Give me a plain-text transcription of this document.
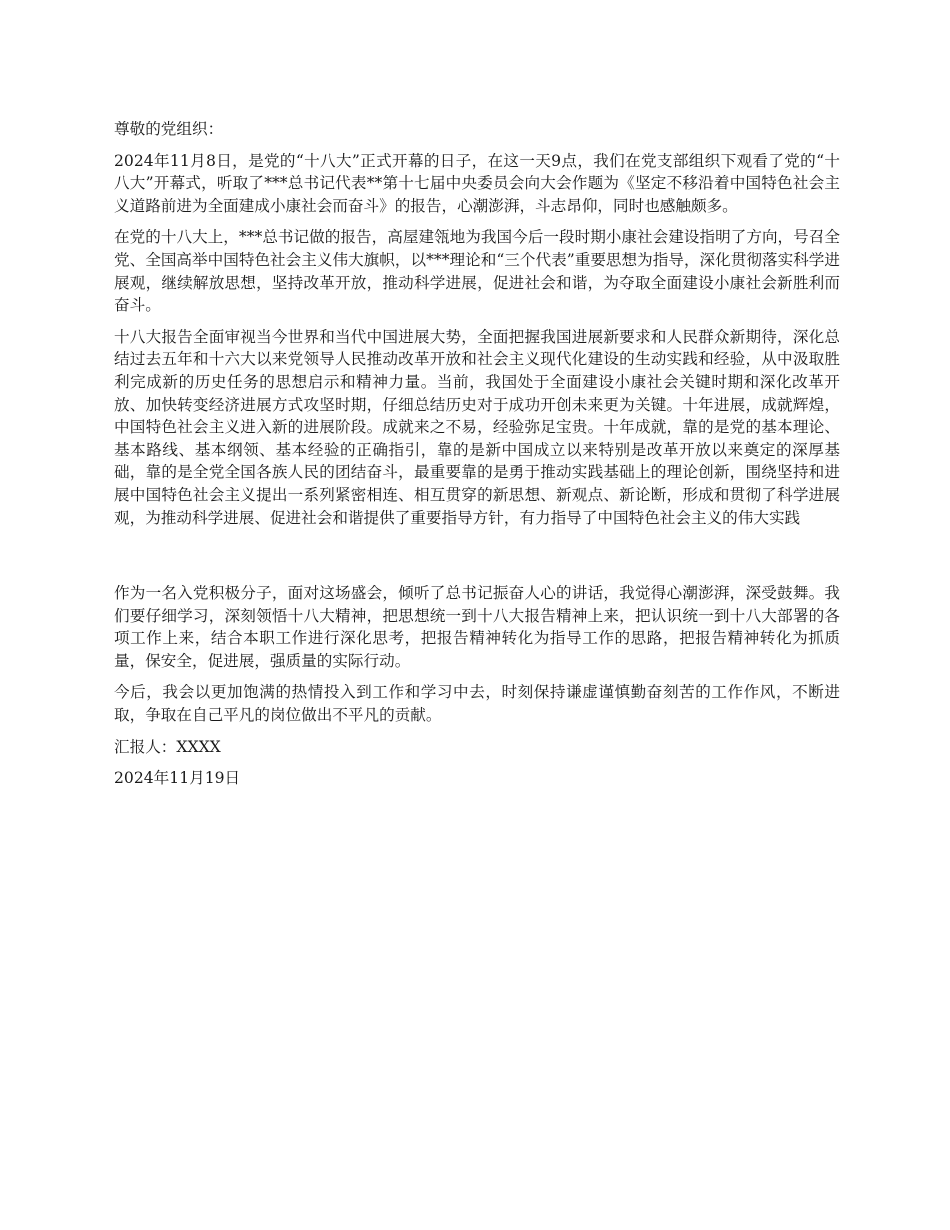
尊敬的党组织：

2024年11月8日，是党的“十八大”正式开幕的日子，在这一天9点，我们在党支部组织下观看了党的“十八大”开幕式，听取了***总书记代表**第十七届中央委员会向大会作题为《坚定不移沿着中国特色社会主义道路前进为全面建成小康社会而奋斗》的报告，心潮澎湃，斗志昂仰，同时也感触颇多。

在党的十八大上，***总书记做的报告，高屋建瓴地为我国今后一段时期小康社会建设指明了方向，号召全党、全国高举中国特色社会主义伟大旗帜，以***理论和“三个代表”重要思想为指导，深化贯彻落实科学进展观，继续解放思想，坚持改革开放，推动科学进展，促进社会和谐，为夺取全面建设小康社会新胜利而奋斗。

十八大报告全面审视当今世界和当代中国进展大势，全面把握我国进展新要求和人民群众新期待，深化总结过去五年和十六大以来党领导人民推动改革开放和社会主义现代化建设的生动实践和经验，从中汲取胜利完成新的历史任务的思想启示和精神力量。当前，我国处于全面建设小康社会关键时期和深化改革开放、加快转变经济进展方式攻坚时期，仔细总结历史对于成功开创未来更为关键。十年进展，成就辉煌，中国特色社会主义进入新的进展阶段。成就来之不易，经验弥足宝贵。十年成就，靠的是党的基本理论、基本路线、基本纲领、基本经验的正确指引，靠的是新中国成立以来特别是改革开放以来奠定的深厚基础，靠的是全党全国各族人民的团结奋斗，最重要靠的是勇于推动实践基础上的理论创新，围绕坚持和进展中国特色社会主义提出一系列紧密相连、相互贯穿的新思想、新观点、新论断，形成和贯彻了科学进展观，为推动科学进展、促进社会和谐提供了重要指导方针，有力指导了中国特色社会主义的伟大实践

作为一名入党积极分子，面对这场盛会，倾听了总书记振奋人心的讲话，我觉得心潮澎湃，深受鼓舞。我们要仔细学习，深刻领悟十八大精神，把思想统一到十八大报告精神上来，把认识统一到十八大部署的各项工作上来，结合本职工作进行深化思考，把报告精神转化为指导工作的思路，把报告精神转化为抓质量，保安全，促进展，强质量的实际行动。

今后，我会以更加饱满的热情投入到工作和学习中去，时刻保持谦虚谨慎勤奋刻苦的工作作风，不断进取，争取在自己平凡的岗位做出不平凡的贡献。

汇报人：XXXX

2024年11月19日
